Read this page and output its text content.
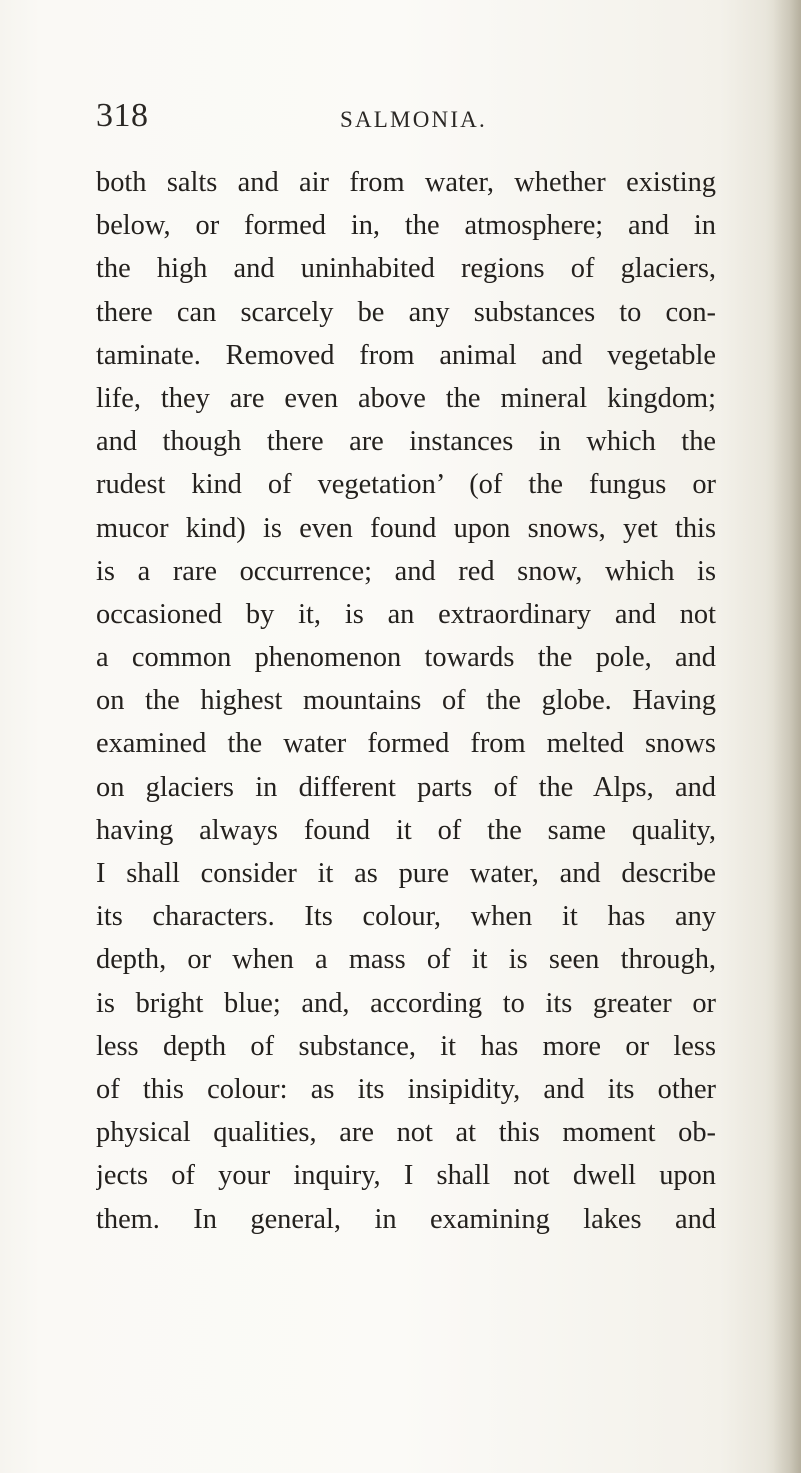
318	SALMONIA.
both salts and air from water, whether existing
below, or formed in, the atmosphere; and in
the high and uninhabited regions of glaciers,
there can scarcely be any substances to con-
taminate. Removed from animal and vegetable
life, they are even above the mineral kingdom;
and though there are instances in which the
rudest kind of vegetation’ (of the fungus or
mucor kind) is even found upon snows, yet this
is a rare occurrence; and red snow, which is
occasioned by it, is an extraordinary and not
a common phenomenon towards the pole, and
on the highest mountains of the globe. Having
examined the water formed from melted snows
on glaciers in different parts of the Alps, and
having always found it of the same quality,
I shall consider it as pure water, and describe
its characters. Its colour, when it has any
depth, or when a mass of it is seen through,
is bright blue; and, according to its greater or
less depth of substance, it has more or less
of this colour: as its insipidity, and its other
physical qualities, are not at this moment ob-
jects of your inquiry, I shall not dwell upon
them. In general, in examining lakes and
